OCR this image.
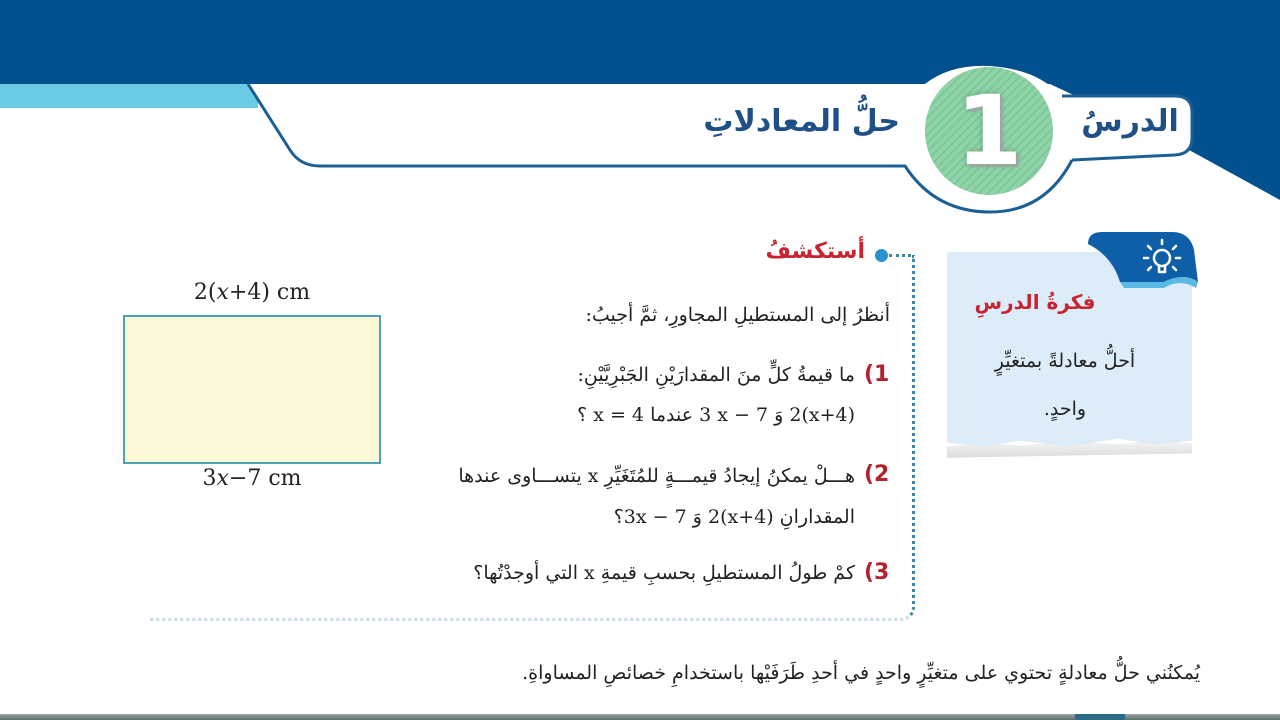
الدرسُ
1
حلُّ المعادلاتِ
2(x+4) cm
3x−7 cm
أستكشفُ
أنظرُ إلى المستطيلِ المجاورِ، ثمَّ أجيبُ:
(1
ما قيمةُ كلٍّ منَ المقدارَيْنِ الجَبْرِيَّيْنِ:
2(x+4) وَ 3 x − 7 عندما x = 4 ؟
(2
هـــلْ يمكنُ إيجادُ قيمـــةٍ للمُتَغَيِّرِ x يتســـاوى عندها
المقدارانِ 2(x+4) وَ 3x − 7؟
(3
كمْ طولُ المستطيلِ بحسبِ قيمةِ x التي أوجدْتُها؟
فكرةُ الدرسِ
أحلُّ معادلةً بمتغيِّرٍ
واحدٍ.
يُمكنُني حلُّ معادلةٍ تحتوي على متغيِّرٍ واحدٍ في أحدِ طَرَفَيْها باستخدامِ خصائصِ المساواةِ.
